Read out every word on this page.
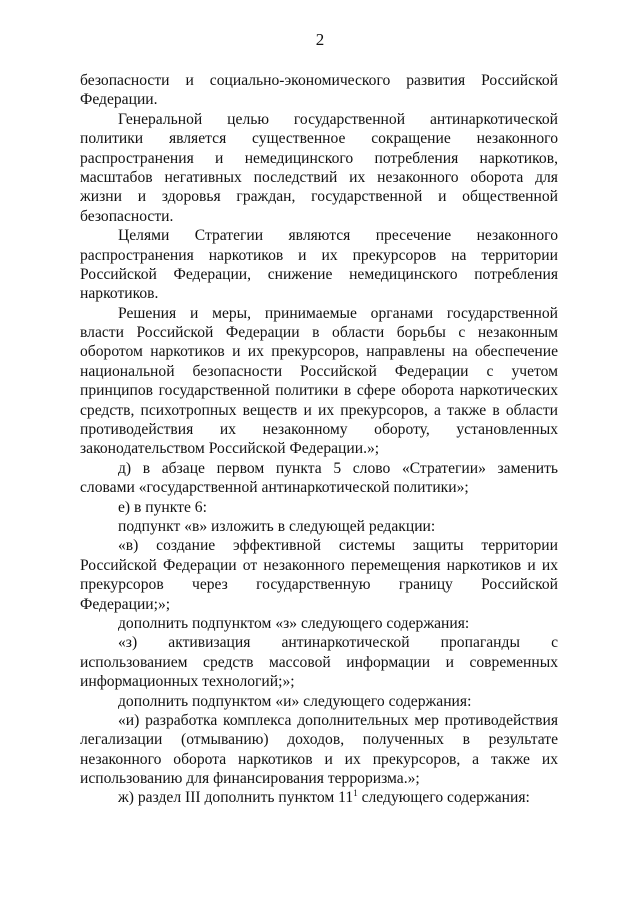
2
безопасности и социально-экономического развития Российской
Федерации.
Генеральной целью государственной антинаркотической
политики является существенное сокращение незаконного
распространения и немедицинского потребления наркотиков,
масштабов негативных последствий их незаконного оборота для
жизни и здоровья граждан, государственной и общественной
безопасности.
Целями Стратегии являются пресечение незаконного
распространения наркотиков и их прекурсоров на территории
Российской Федерации, снижение немедицинского потребления
наркотиков.
Решения и меры, принимаемые органами государственной
власти Российской Федерации в области борьбы с незаконным
оборотом наркотиков и их прекурсоров, направлены на обеспечение
национальной безопасности Российской Федерации с учетом
принципов государственной политики в сфере оборота наркотических
средств, психотропных веществ и их прекурсоров, а также в области
противодействия их незаконному обороту, установленных
законодательством Российской Федерации.»;
д) в абзаце первом пункта 5 слово «Стратегии» заменить
словами «государственной антинаркотической политики»;
е) в пункте 6:
подпункт «в» изложить в следующей редакции:
«в) создание эффективной системы защиты территории
Российской Федерации от незаконного перемещения наркотиков и их
прекурсоров через государственную границу Российской
Федерации;»;
дополнить подпунктом «з» следующего содержания:
«з) активизация антинаркотической пропаганды с
использованием средств массовой информации и современных
информационных технологий;»;
дополнить подпунктом «и» следующего содержания:
«и) разработка комплекса дополнительных мер противодействия
легализации (отмыванию) доходов, полученных в результате
незаконного оборота наркотиков и их прекурсоров, а также их
использованию для финансирования терроризма.»;
ж) раздел III дополнить пунктом $11^1$ следующего содержания:
